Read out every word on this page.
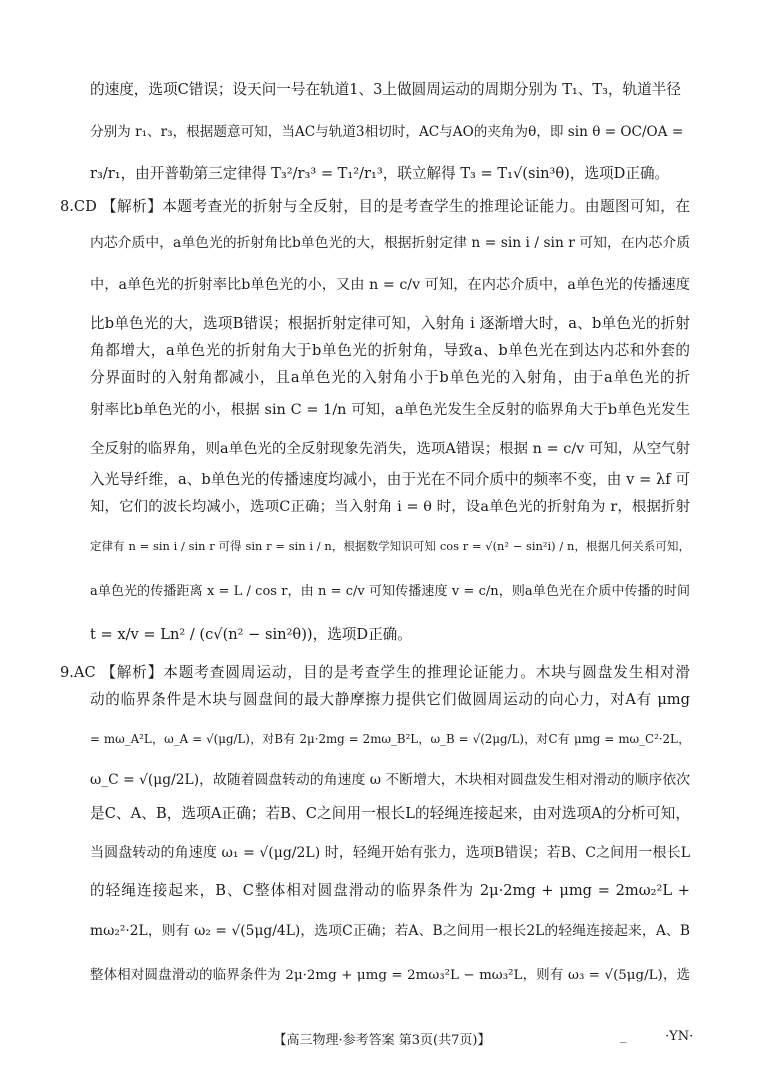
的速度，选项C错误；设天问一号在轨道1、3上做圆周运动的周期分别为 T₁、T₃，轨道半径
分别为 r₁、r₃，根据题意可知，当AC与轨道3相切时，AC与AO的夹角为θ，即 sin θ = OC/OA =
r₃/r₁，由开普勒第三定律得 T₃²/r₃³ = T₁²/r₁³，联立解得 T₃ = T₁√(sin³θ)，选项D正确。
8.CD 【解析】本题考查光的折射与全反射，目的是考查学生的推理论证能力。由题图可知，在
内芯介质中，a单色光的折射角比b单色光的大，根据折射定律 n = sin i / sin r 可知，在内芯介质
中，a单色光的折射率比b单色光的小，又由 n = c/v 可知，在内芯介质中，a单色光的传播速度
比b单色光的大，选项B错误；根据折射定律可知，入射角 i 逐渐增大时，a、b单色光的折射
角都增大，a单色光的折射角大于b单色光的折射角，导致a、b单色光在到达内芯和外套的
分界面时的入射角都减小，且a单色光的入射角小于b单色光的入射角，由于a单色光的折
射率比b单色光的小，根据 sin C = 1/n 可知，a单色光发生全反射的临界角大于b单色光发生
全反射的临界角，则a单色光的全反射现象先消失，选项A错误；根据 n = c/v 可知，从空气射
入光导纤维，a、b单色光的传播速度均减小，由于光在不同介质中的频率不变，由 v = λf 可
知，它们的波长均减小，选项C正确；当入射角 i = θ 时，设a单色光的折射角为 r，根据折射
定律有 n = sin i / sin r 可得 sin r = sin i / n，根据数学知识可知 cos r = √(n² − sin²i) / n，根据几何关系可知，
a单色光的传播距离 x = L / cos r，由 n = c/v 可知传播速度 v = c/n，则a单色光在介质中传播的时间
t = x/v = Ln² / (c√(n² − sin²θ))，选项D正确。
9.AC 【解析】本题考查圆周运动，目的是考查学生的推理论证能力。木块与圆盘发生相对滑
动的临界条件是木块与圆盘间的最大静摩擦力提供它们做圆周运动的向心力，对A有 μmg
= mω_A²L，ω_A = √(μg/L)，对B有 2μ·2mg = 2mω_B²L，ω_B = √(2μg/L)，对C有 μmg = mω_C²·2L，
ω_C = √(μg/2L)，故随着圆盘转动的角速度 ω 不断增大，木块相对圆盘发生相对滑动的顺序依次
是C、A、B，选项A正确；若B、C之间用一根长L的轻绳连接起来，由对选项A的分析可知，
当圆盘转动的角速度 ω₁ = √(μg/2L) 时，轻绳开始有张力，选项B错误；若B、C之间用一根长L
的轻绳连接起来，B、C整体相对圆盘滑动的临界条件为 2μ·2mg + μmg = 2mω₂²L +
mω₂²·2L，则有 ω₂ = √(5μg/4L)，选项C正确；若A、B之间用一根长2L的轻绳连接起来，A、B
整体相对圆盘滑动的临界条件为 2μ·2mg + μmg = 2mω₃²L − mω₃²L，则有 ω₃ = √(5μg/L)，选
【高三物理·参考答案 第3页(共7页)】	_	·YN·
